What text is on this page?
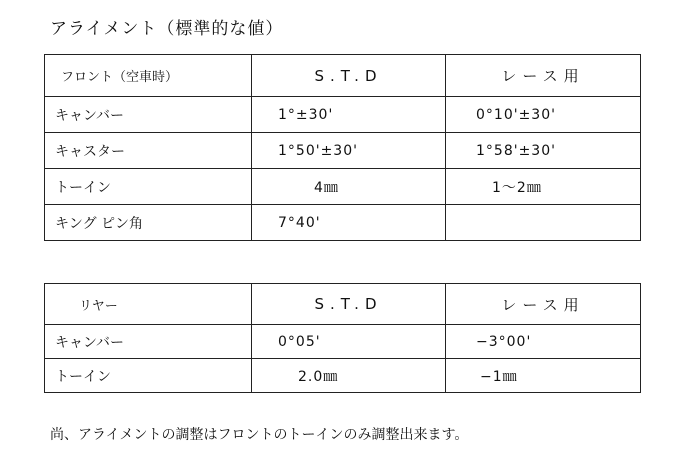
アライメント（標準的な値）
フロント（空車時）	S.T.D	レース用
キャンバー	1°±30'	0°10'±30'
キャスター	1°50'±30'	1°58'±30'
トーイン	4㎜	1〜2㎜
キング ピン角	7°40'	
リヤー	S.T.D	レース用
キャンバー	0°05'	−3°00'
トーイン	2.0㎜	−1㎜
尚、アライメントの調整はフロントのトーインのみ調整出来ます。
